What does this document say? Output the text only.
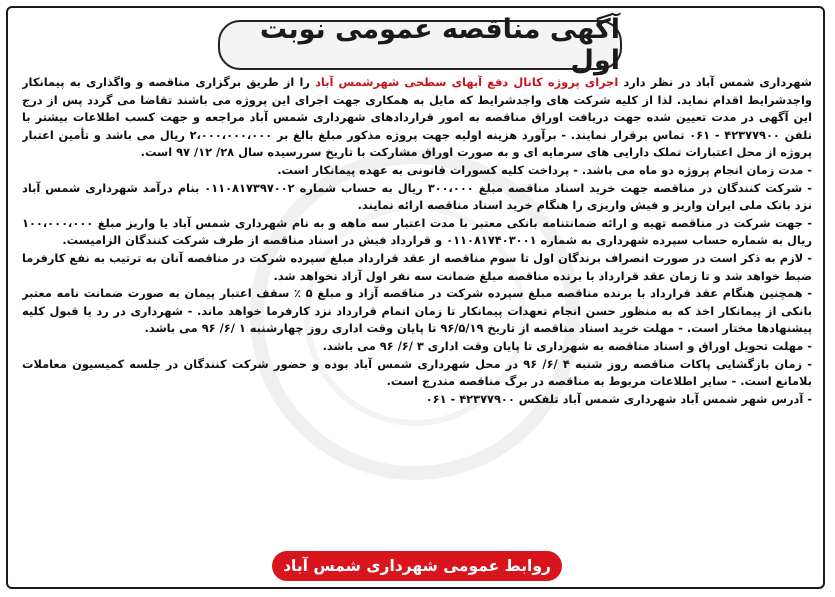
آگهی مناقصه عمومی نوبت اول

شهرداری شمس آباد در نظر دارد اجرای پروژه کانال دفع آبهای سطحی شهرشمس آباد را از طریق برگزاری مناقصه و واگذاری به پیمانکار واجدشرایط اقدام نماید. لذا از کلیه شرکت های واجدشرایط که مایل به همکاری جهت اجرای این پروژه می باشند تقاضا می گردد پس از درج این آگهی در مدت تعیین شده جهت دریافت اوراق مناقصه به امور قراردادهای شهرداری شمس آباد مراجعه و جهت کسب اطلاعات بیشتر با تلفن ۴۲۳۷۷۹۰۰ - ۰۶۱ تماس برقرار نمایند. - برآورد هزینه اولیه جهت پروژه مذکور مبلغ بالغ بر ۲،۰۰۰،۰۰۰،۰۰۰ ریال می باشد و تأمین اعتبار پروژه از محل اعتبارات تملک دارایی های سرمایه ای و به صورت اوراق مشارکت با تاریخ سررسیده سال ۲۸/ ۱۲/ ۹۷ است.

- مدت زمان انجام پروژه دو ماه می باشد. - پرداخت کلیه کسورات قانونی به عهده پیمانکار است.

- شرکت کنندگان در مناقصه جهت خرید اسناد مناقصه مبلغ ۳۰۰،۰۰۰ ریال به حساب شماره ۰۱۱۰۸۱۷۳۹۷۰۰۲ بنام درآمد شهرداری شمس آباد نزد بانک ملی ایران واریز و فیش واریزی را هنگام خرید اسناد مناقصه ارائه نمایند.

- جهت شرکت در مناقصه تهیه و ارائه ضمانتنامه بانکی معتبر با مدت اعتبار سه ماهه و به نام شهرداری شمس آباد یا واریز مبلغ ۱۰۰،۰۰۰،۰۰۰ ریال به شماره حساب سپرده شهرداری به شماره ۰۱۱۰۸۱۷۴۰۳۰۰۱ و قرارداد فیش در اسناد مناقصه از طرف شرکت کنندگان الزامیست.

- لازم به ذکر است در صورت انصراف برندگان اول تا سوم مناقصه از عقد قرارداد مبلغ سپرده شرکت در مناقصه آنان به ترتیب به نفع کارفرما ضبط خواهد شد و تا زمان عقد قرارداد با برنده مناقصه مبلغ ضمانت سه نفر اول آزاد نخواهد شد.

- همچنین هنگام عقد قرارداد با برنده مناقصه مبلغ سپرده شرکت در مناقصه آزاد و مبلغ ۵ ٪ سقف اعتبار پیمان به صورت ضمانت نامه معتبر بانکی از پیمانکار اخذ که به منظور حسن انجام تعهدات پیمانکار تا زمان اتمام قرارداد نزد کارفرما خواهد ماند. - شهرداری در رد یا قبول کلیه پیشنهادها مختار است. - مهلت خرید اسناد مناقصه از تاریخ ۹۶/۵/۱۹ تا پایان وقت اداری روز چهارشنبه ۱ /۶/ ۹۶ می باشد.

- مهلت تحویل اوراق و اسناد مناقصه به شهرداری تا پایان وقت اداری ۳ /۶/ ۹۶ می باشد.

- زمان بازگشایی پاکات مناقصه روز شنبه ۴ /۶/ ۹۶ در محل شهرداری شمس آباد بوده و حضور شرکت کنندگان در جلسه کمیسیون معاملات بلامانع است. - سایر اطلاعات مربوط به مناقصه در برگ مناقصه مندرج است.

- آدرس شهر شمس آباد شهرداری شمس آباد تلفکس ۴۲۳۷۷۹۰۰ - ۰۶۱

روابط عمومی شهرداری شمس آباد
